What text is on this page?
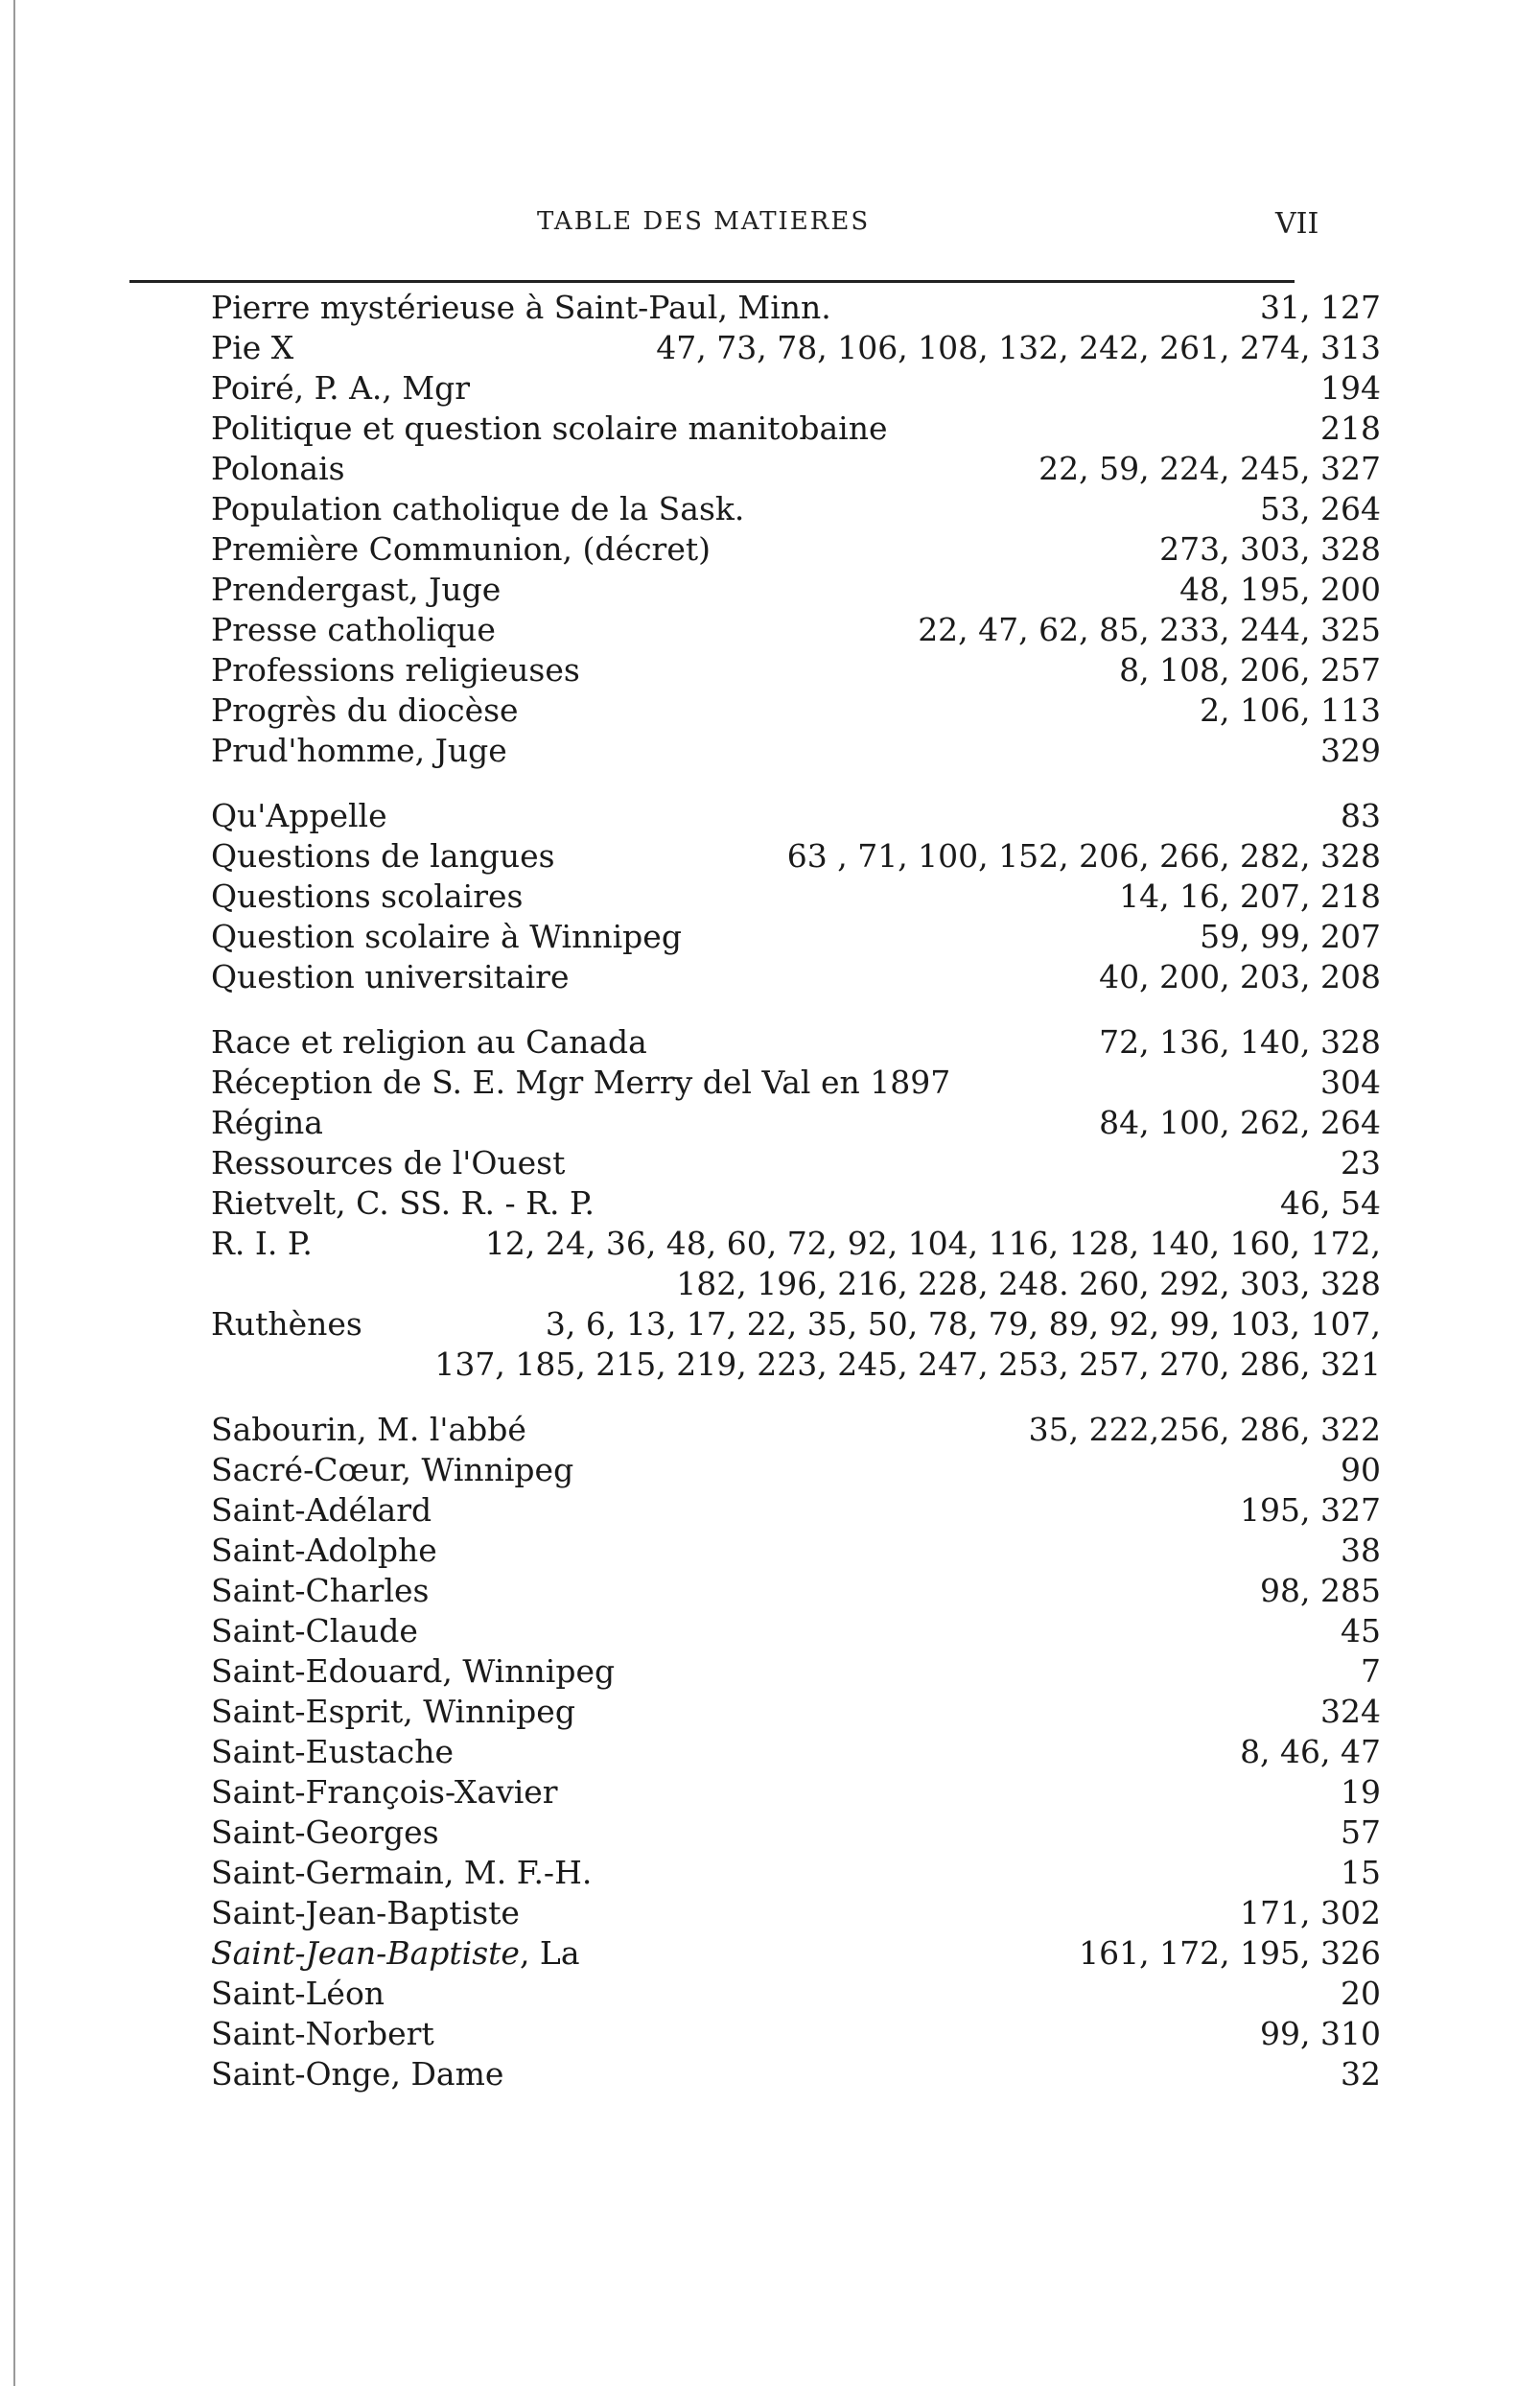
TABLE DES MATIERES	VII
Pierre mystérieuse à Saint-Paul, Minn.	31, 127
Pie X	47, 73, 78, 106, 108, 132, 242, 261, 274, 313
Poiré, P. A., Mgr	194
Politique et question scolaire manitobaine	218
Polonais	22, 59, 224, 245, 327
Population catholique de la Sask.	53, 264
Première Communion, (décret)	273, 303, 328
Prendergast, Juge	48, 195, 200
Presse catholique	22, 47, 62, 85, 233, 244, 325
Professions religieuses	8, 108, 206, 257
Progrès du diocèse	2, 106, 113
Prud'homme, Juge	329
Qu'Appelle	83
Questions de langues	63 , 71, 100, 152, 206, 266, 282, 328
Questions scolaires	14, 16, 207, 218
Question scolaire à Winnipeg	59, 99, 207
Question universitaire	40, 200, 203, 208
Race et religion au Canada	72, 136, 140, 328
Réception de S. E. Mgr Merry del Val en 1897	304
Régina	84, 100, 262, 264
Ressources de l'Ouest	23
Rietvelt, C. SS. R. - R. P.	46, 54
R. I. P.	12, 24, 36, 48, 60, 72, 92, 104, 116, 128, 140, 160, 172,
182, 196, 216, 228, 248. 260, 292, 303, 328
Ruthènes	3, 6, 13, 17, 22, 35, 50, 78, 79, 89, 92, 99, 103, 107,
137, 185, 215, 219, 223, 245, 247, 253, 257, 270, 286, 321
Sabourin, M. l'abbé	35, 222,256, 286, 322
Sacré-Cœur, Winnipeg	90
Saint-Adélard	195, 327
Saint-Adolphe	38
Saint-Charles	98, 285
Saint-Claude	45
Saint-Edouard, Winnipeg	7
Saint-Esprit, Winnipeg	324
Saint-Eustache	8, 46, 47
Saint-François-Xavier	19
Saint-Georges	57
Saint-Germain, M. F.-H.	15
Saint-Jean-Baptiste	171, 302
Saint-Jean-Baptiste, La	161, 172, 195, 326
Saint-Léon	20
Saint-Norbert	99, 310
Saint-Onge, Dame	32
